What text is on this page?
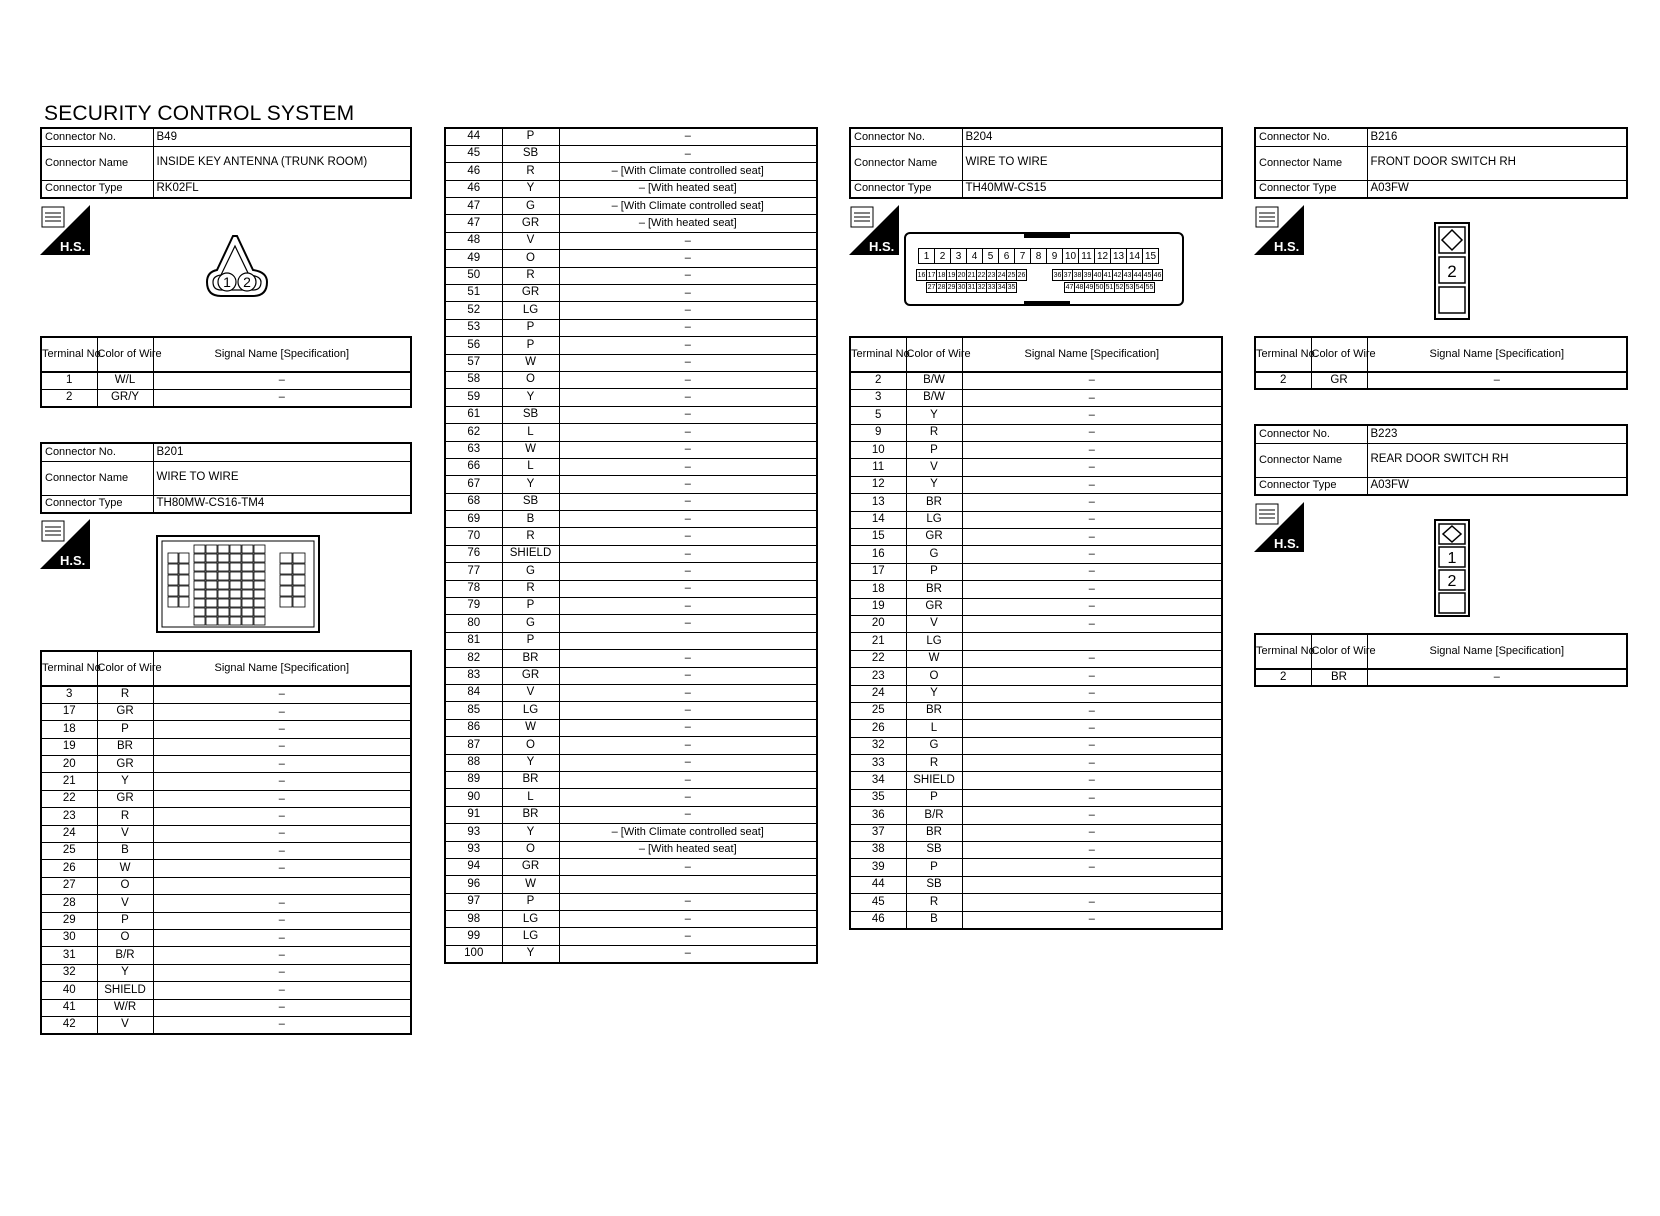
SECURITY CONTROL SYSTEM
Connector No.	B49
Connector Name	INSIDE KEY ANTENNA (TRUNK ROOM)
Connector Type	RK02FL
H.S.
1 2
Terminal No.	Color of Wire	Signal Name [Specification]
1	W/L	–
2	GR/Y	–
Connector No.	B201
Connector Name	WIRE TO WIRE
Connector Type	TH80MW-CS16-TM4
H.S.
Terminal No.	Color of Wire	Signal Name [Specification]
3	R	–
17	GR	–
18	P	–
19	BR	–
20	GR	–
21	Y	–
22	GR	–
23	R	–
24	V	–
25	B	–
26	W	–
27	O	
28	V	–
29	P	–
30	O	–
31	B/R	–
32	Y	–
40	SHIELD	–
41	W/R	–
42	V	–
44	P	–
45	SB	–
46	R	– [With Climate controlled seat]
46	Y	– [With heated seat]
47	G	– [With Climate controlled seat]
47	GR	– [With heated seat]
48	V	–
49	O	–
50	R	–
51	GR	–
52	LG	–
53	P	–
56	P	–
57	W	–
58	O	–
59	Y	–
61	SB	–
62	L	–
63	W	–
66	L	–
67	Y	–
68	SB	–
69	B	–
70	R	–
76	SHIELD	–
77	G	–
78	R	–
79	P	–
80	G	–
81	P	
82	BR	–
83	GR	–
84	V	–
85	LG	–
86	W	–
87	O	–
88	Y	–
89	BR	–
90	L	–
91	BR	–
93	Y	– [With Climate controlled seat]
93	O	– [With heated seat]
94	GR	–
96	W	
97	P	–
98	LG	–
99	LG	–
100	Y	–
Connector No.	B204
Connector Name	WIRE TO WIRE
Connector Type	TH40MW-CS15
H.S.
1	2	3	4	5	6	7	8	9 10 11 12 13 14 15
16 17 18 19 20 21 22 23 24 25 26	36 37 38 39 40 41 42 43 44 45 46
27 28 29 30 31 32 33 34 35	47 48 49 50 51 52 53 54 55
Terminal No.	Color of Wire	Signal Name [Specification]
2	B/W	–
3	B/W	–
5	Y	–
9	R	–
10	P	–
11	V	–
12	Y	–
13	BR	–
14	LG	–
15	GR	–
16	G	–
17	P	–
18	BR	–
19	GR	–
20	V	–
21	LG	
22	W	–
23	O	–
24	Y	–
25	BR	–
26	L	–
32	G	–
33	R	–
34	SHIELD	–
35	P	–
36	B/R	–
37	BR	–
38	SB	–
39	P	–
44	SB	
45	R	–
46	B	–
Connector No.	B216
Connector Name	FRONT DOOR SWITCH RH
Connector Type	A03FW
H.S.
2
Terminal No.	Color of Wire	Signal Name [Specification]
2	GR	–
Connector No.	B223
Connector Name	REAR DOOR SWITCH RH
Connector Type	A03FW
H.S.
1
2
Terminal No.	Color of Wire	Signal Name [Specification]
2	BR	–
